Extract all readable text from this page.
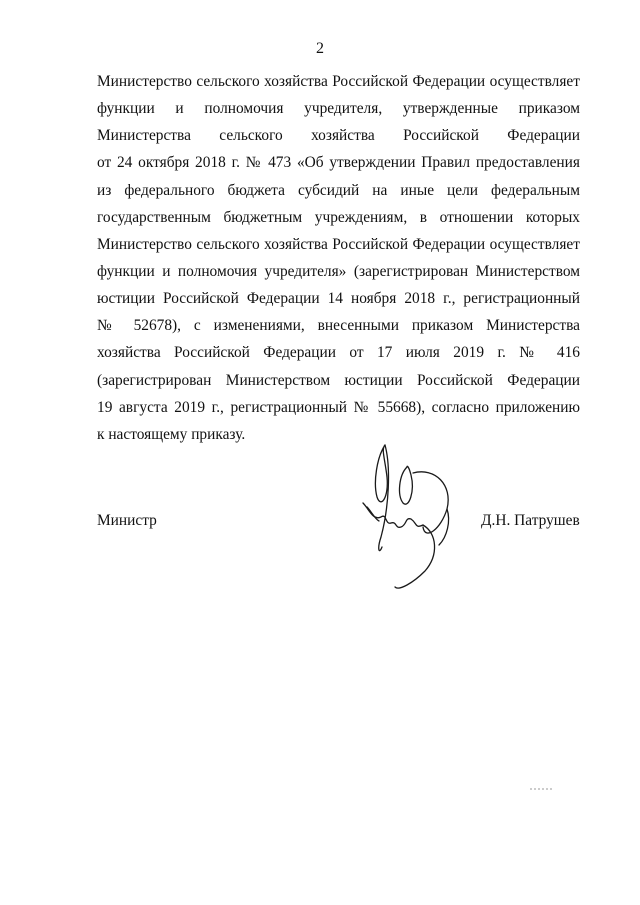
2
Министерство сельского хозяйства Российской Федерации осуществляет
функции и полномочия учредителя, утвержденные приказом
Министерства сельского хозяйства Российской Федерации
от 24 октября 2018 г. № 473 «Об утверждении Правил предоставления
из федерального бюджета субсидий на иные цели федеральным
государственным бюджетным учреждениям, в отношении которых
Министерство сельского хозяйства Российской Федерации осуществляет
функции и полномочия учредителя» (зарегистрирован Министерством
юстиции Российской Федерации 14 ноября 2018 г., регистрационный
№ 52678), с изменениями, внесенными приказом Министерства
хозяйства Российской Федерации от 17 июля 2019 г. № 416
(зарегистрирован Министерством юстиции Российской Федерации
19 августа 2019 г., регистрационный № 55668), согласно приложению
к настоящему приказу.
Министр	Д.Н. Патрушев
